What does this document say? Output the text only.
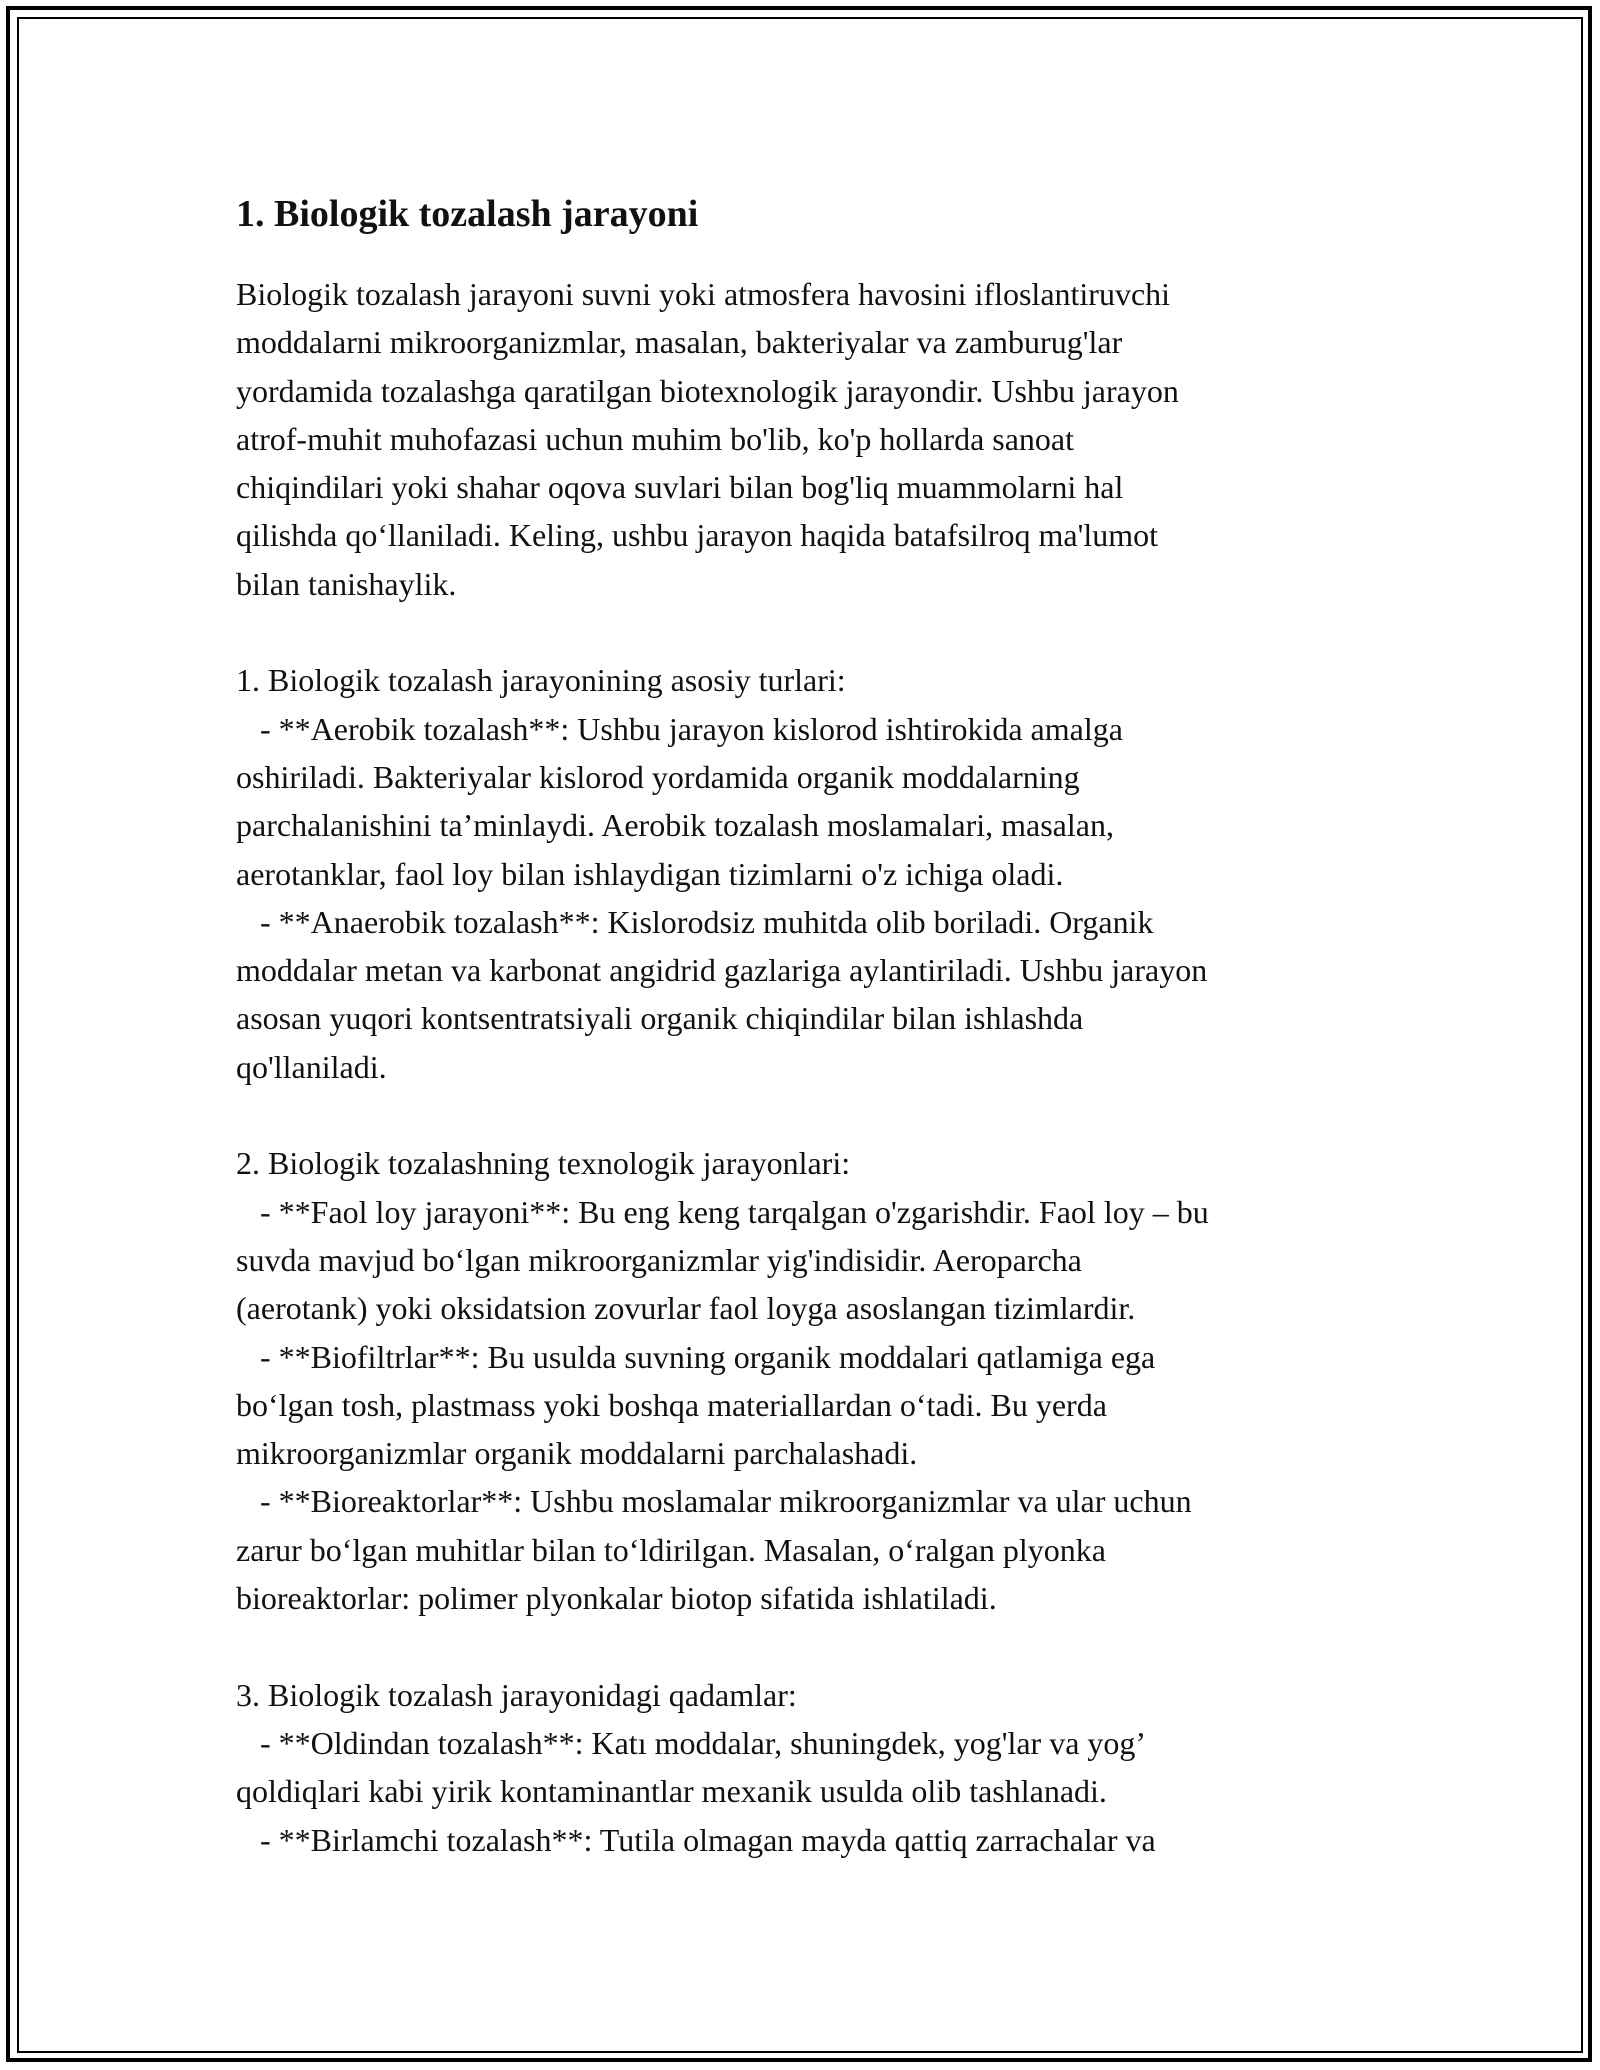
1. Biologik tozalash jarayoni
Biologik tozalash jarayoni suvni yoki atmosfera havosini ifloslantiruvchi
moddalarni mikroorganizmlar, masalan, bakteriyalar va zamburug'lar
yordamida tozalashga qaratilgan biotexnologik jarayondir. Ushbu jarayon
atrof-muhit muhofazasi uchun muhim bo'lib, ko'p hollarda sanoat
chiqindilari yoki shahar oqova suvlari bilan bog'liq muammolarni hal
qilishda qo‘llaniladi. Keling, ushbu jarayon haqida batafsilroq ma'lumot
bilan tanishaylik.
1. Biologik tozalash jarayonining asosiy turlari:
- **Aerobik tozalash**: Ushbu jarayon kislorod ishtirokida amalga
oshiriladi. Bakteriyalar kislorod yordamida organik moddalarning
parchalanishini ta’minlaydi. Aerobik tozalash moslamalari, masalan,
aerotanklar, faol loy bilan ishlaydigan tizimlarni o'z ichiga oladi.
- **Anaerobik tozalash**: Kislorodsiz muhitda olib boriladi. Organik
moddalar metan va karbonat angidrid gazlariga aylantiriladi. Ushbu jarayon
asosan yuqori kontsentratsiyali organik chiqindilar bilan ishlashda
qo'llaniladi.
2. Biologik tozalashning texnologik jarayonlari:
- **Faol loy jarayoni**: Bu eng keng tarqalgan o'zgarishdir. Faol loy – bu
suvda mavjud bo‘lgan mikroorganizmlar yig'indisidir. Aeroparcha
(aerotank) yoki oksidatsion zovurlar faol loyga asoslangan tizimlardir.
- **Biofiltrlar**: Bu usulda suvning organik moddalari qatlamiga ega
bo‘lgan tosh, plastmass yoki boshqa materiallardan o‘tadi. Bu yerda
mikroorganizmlar organik moddalarni parchalashadi.
- **Bioreaktorlar**: Ushbu moslamalar mikroorganizmlar va ular uchun
zarur bo‘lgan muhitlar bilan to‘ldirilgan. Masalan, o‘ralgan plyonka
bioreaktorlar: polimer plyonkalar biotop sifatida ishlatiladi.
3. Biologik tozalash jarayonidagi qadamlar:
- **Oldindan tozalash**: Katı moddalar, shuningdek, yog'lar va yog’
qoldiqlari kabi yirik kontaminantlar mexanik usulda olib tashlanadi.
- **Birlamchi tozalash**: Tutila olmagan mayda qattiq zarrachalar va
